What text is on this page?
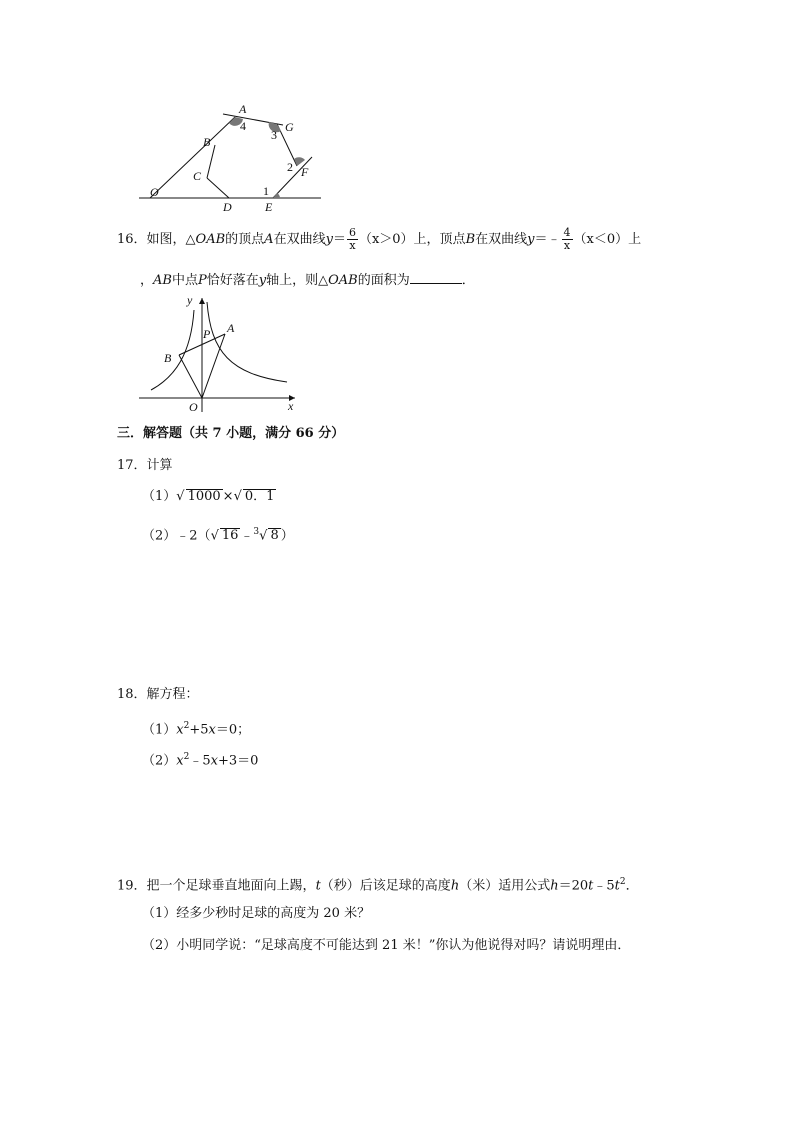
A
B
C
D	E
F
G
O	1
2
3
4
16．如图，△OAB的顶点A在双曲线$y= \frac{6}{x} (x>0)$上，顶点B在双曲线y＝﹣ $\frac{4}{x} (x<0)$上
，AB中点P恰好落在y轴上，则△OAB的面积为	．
y
x
O
P A
B
三．解答题（共 7 小题，满分 66 分）
17．计算
（1）√ 1000 ×√ 0．1
（2）﹣2（√ 16 ﹣$^3$√ 8 ）
18．解方程：
$(1)x^2+5x=0$；
$(2)x^2﹣5x+3=0$
19．把一个足球垂直地面向上踢，t（秒）后该足球的高度h（米）适用公式$h=20t﹣5t^2$．
（1）经多少秒时足球的高度为 20 米？
（2）小明同学说：“足球高度不可能达到 21 米！”你认为他说得对吗？请说明理由．
